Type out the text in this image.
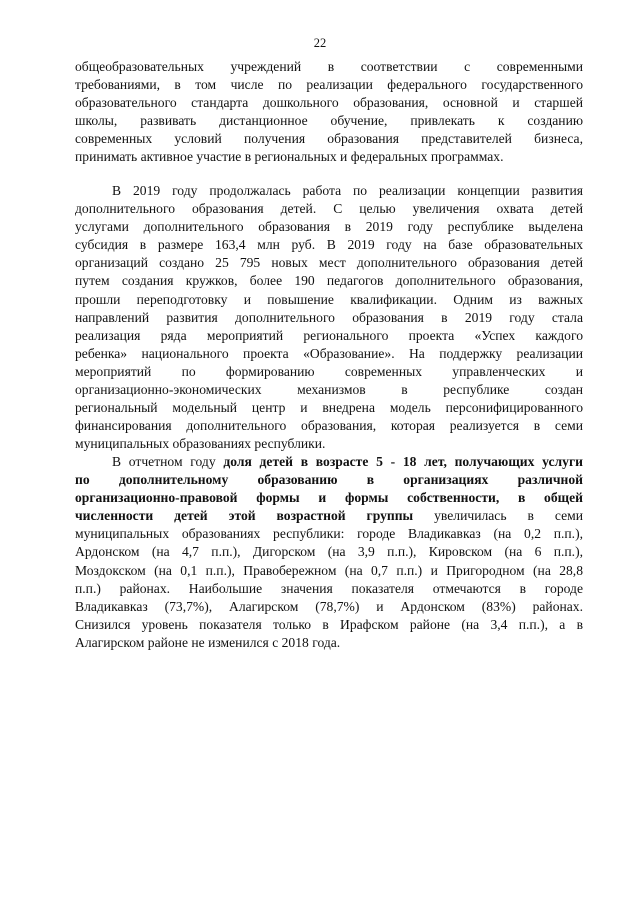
22
общеобразовательных учреждений в соответствии с современными
требованиями, в том числе по реализации федерального государственного
образовательного стандарта дошкольного образования, основной и старшей
школы, развивать дистанционное обучение, привлекать к созданию
современных условий получения образования представителей бизнеса,
принимать активное участие в региональных и федеральных программах.
В 2019 году продолжалась работа по реализации концепции развития
дополнительного образования детей. С целью увеличения охвата детей
услугами дополнительного образования в 2019 году республике выделена
субсидия в размере 163,4 млн руб. В 2019 году на базе образовательных
организаций создано 25 795 новых мест дополнительного образования детей
путем создания кружков, более 190 педагогов дополнительного образования,
прошли переподготовку и повышение квалификации. Одним из важных
направлений развития дополнительного образования в 2019 году стала
реализация ряда мероприятий регионального проекта «Успех каждого
ребенка» национального проекта «Образование». На поддержку реализации
мероприятий по формированию современных управленческих и
организационно-экономических механизмов в республике создан
региональный модельный центр и внедрена модель персонифицированного
финансирования дополнительного образования, которая реализуется в семи
муниципальных образованиях республики.
В отчетном году доля детей в возрасте 5 - 18 лет, получающих услуги
по дополнительному образованию в организациях различной
организационно-правовой формы и формы собственности, в общей
численности детей этой возрастной группы увеличилась в семи
муниципальных образованиях республики: городе Владикавказ (на 0,2 п.п.),
Ардонском (на 4,7 п.п.), Дигорском (на 3,9 п.п.), Кировском (на 6 п.п.),
Моздокском (на 0,1 п.п.), Правобережном (на 0,7 п.п.) и Пригородном (на 28,8
п.п.) районах. Наибольшие значения показателя отмечаются в городе
Владикавказ (73,7%), Алагирском (78,7%) и Ардонском (83%) районах.
Снизился уровень показателя только в Ирафском районе (на 3,4 п.п.), а в
Алагирском районе не изменился с 2018 года.
